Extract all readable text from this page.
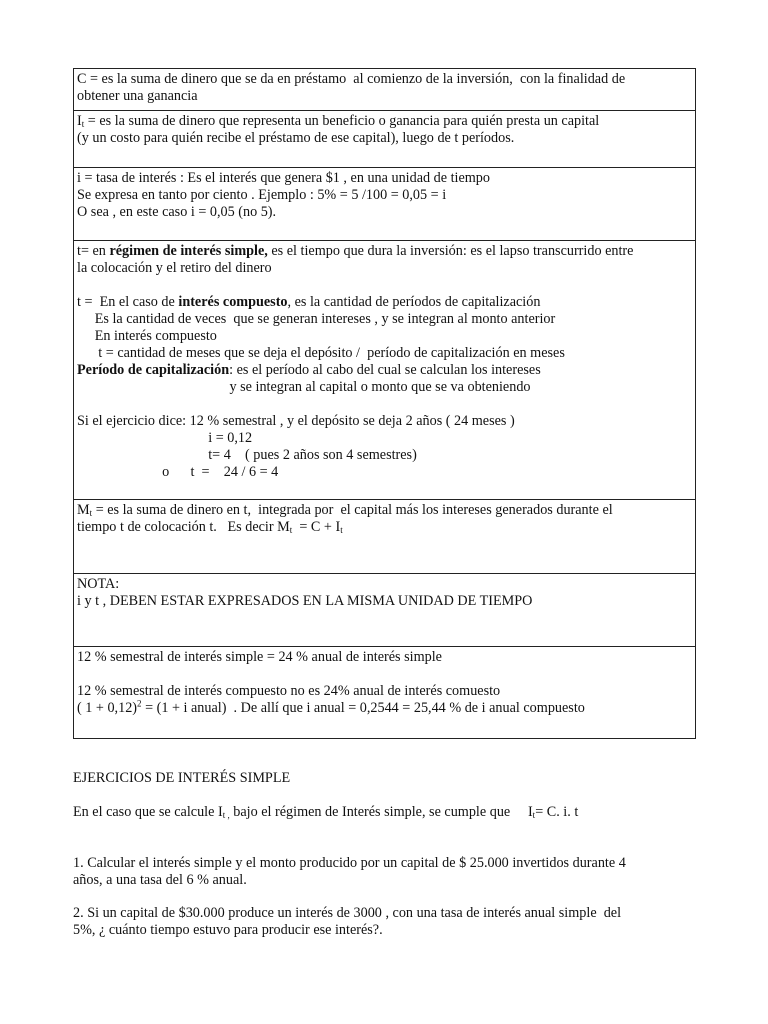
C = es la suma de dinero que se da en préstamo  al comienzo de la inversión,  con la finalidad de
obtener una ganancia

$I_t$ = es la suma de dinero que representa un beneficio o ganancia para quién presta un capital
(y un costo para quién recibe el préstamo de ese capital), luego de t períodos.

i = tasa de interés : Es el interés que genera $1 , en una unidad de tiempo
Se expresa en tanto por ciento . Ejemplo : 5% = 5 /100 = 0,05 = i
O sea , en este caso i = 0,05 (no 5).

t= en régimen de interés simple, es el tiempo que dura la inversión: es el lapso transcurrido entre
la colocación y el retiro del dinero
t =  En el caso de interés compuesto, es la cantidad de períodos de capitalización
Es la cantidad de veces  que se generan intereses , y se integran al monto anterior
En interés compuesto
t = cantidad de meses que se deja el depósito /  período de capitalización en meses
Período de capitalización: es el período al cabo del cual se calculan los intereses
y se integran al capital o monto que se va obteniendo
Si el ejercicio dice: 12 % semestral , y el depósito se deja 2 años ( 24 meses )
i = 0,12
t= 4    ( pues 2 años son 4 semestres)
o      t  =    24 / 6 = 4

$M_t$ = es la suma de dinero en t,  integrada por  el capital más los intereses generados durante el
tiempo t de colocación t.   Es decir $M_t = C + I_t$

NOTA:
i y t , DEBEN ESTAR EXPRESADOS EN LA MISMA UNIDAD DE TIEMPO

12 % semestral de interés simple = 24 % anual de interés simple
12 % semestral de interés compuesto no es 24% anual de interés comuesto
( 1 + 0,12)$^2$ = (1 + i anual)  . De allí que i anual = 0,2544 = 25,44 % de i anual compuesto
EJERCICIOS DE INTERÉS SIMPLE
En el caso que se calcule $I_{t ,}$ bajo el régimen de Interés simple, se cumple que     $I_t= C$. i. t
1. Calcular el interés simple y el monto producido por un capital de $ 25.000 invertidos durante 4
años, a una tasa del 6 % anual.
2. Si un capital de $30.000 produce un interés de 3000 , con una tasa de interés anual simple  del
5%, ¿ cuánto tiempo estuvo para producir ese interés?.
